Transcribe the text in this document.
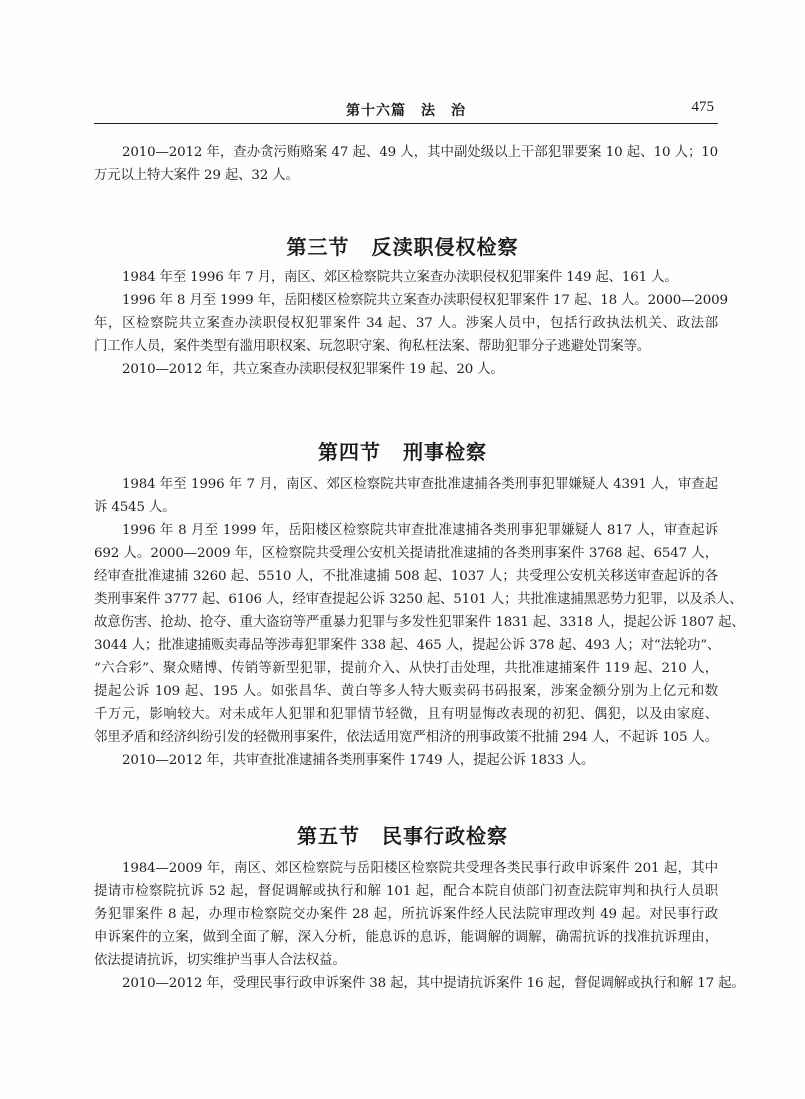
第十六篇　法　治	475
2010—2012 年，查办贪污贿赂案 47 起、49 人，其中副处级以上干部犯罪要案 10 起、10 人；10
万元以上特大案件 29 起、32 人。
第三节 反渎职侵权检察
1984 年至 1996 年 7 月，南区、郊区检察院共立案查办渎职侵权犯罪案件 149 起、161 人。
1996 年 8 月至 1999 年，岳阳楼区检察院共立案查办渎职侵权犯罪案件 17 起、18 人。2000—2009
年，区检察院共立案查办渎职侵权犯罪案件 34 起、37 人。涉案人员中，包括行政执法机关、政法部
门工作人员，案件类型有滥用职权案、玩忽职守案、徇私枉法案、帮助犯罪分子逃避处罚案等。
2010—2012 年，共立案查办渎职侵权犯罪案件 19 起、20 人。
第四节 刑事检察
1984 年至 1996 年 7 月，南区、郊区检察院共审查批准逮捕各类刑事犯罪嫌疑人 4391 人，审查起
诉 4545 人。
1996 年 8 月至 1999 年，岳阳楼区检察院共审查批准逮捕各类刑事犯罪嫌疑人 817 人，审查起诉
692 人。2000—2009 年，区检察院共受理公安机关提请批准逮捕的各类刑事案件 3768 起、6547 人，
经审查批准逮捕 3260 起、5510 人，不批准逮捕 508 起、1037 人；共受理公安机关移送审查起诉的各
类刑事案件 3777 起、6106 人，经审查提起公诉 3250 起、5101 人；共批准逮捕黑恶势力犯罪，以及杀人、
故意伤害、抢劫、抢夺、重大盗窃等严重暴力犯罪与多发性犯罪案件 1831 起、3318 人，提起公诉 1807 起、
3044 人；批准逮捕贩卖毒品等涉毒犯罪案件 338 起、465 人，提起公诉 378 起、493 人；对“法轮功”、
“六合彩”、聚众赌博、传销等新型犯罪，提前介入、从快打击处理，共批准逮捕案件 119 起、210 人，
提起公诉 109 起、195 人。如张昌华、黄白等多人特大贩卖码书码报案，涉案金额分别为上亿元和数
千万元，影响较大。对未成年人犯罪和犯罪情节轻微，且有明显悔改表现的初犯、偶犯，以及由家庭、
邻里矛盾和经济纠纷引发的轻微刑事案件，依法适用宽严相济的刑事政策不批捕 294 人，不起诉 105 人。
2010—2012 年，共审查批准逮捕各类刑事案件 1749 人，提起公诉 1833 人。
第五节 民事行政检察
1984—2009 年，南区、郊区检察院与岳阳楼区检察院共受理各类民事行政申诉案件 201 起，其中
提请市检察院抗诉 52 起，督促调解或执行和解 101 起，配合本院自侦部门初查法院审判和执行人员职
务犯罪案件 8 起，办理市检察院交办案件 28 起，所抗诉案件经人民法院审理改判 49 起。对民事行政
申诉案件的立案，做到全面了解，深入分析，能息诉的息诉，能调解的调解，确需抗诉的找准抗诉理由，
依法提请抗诉，切实维护当事人合法权益。
2010—2012 年，受理民事行政申诉案件 38 起，其中提请抗诉案件 16 起，督促调解或执行和解 17 起。
